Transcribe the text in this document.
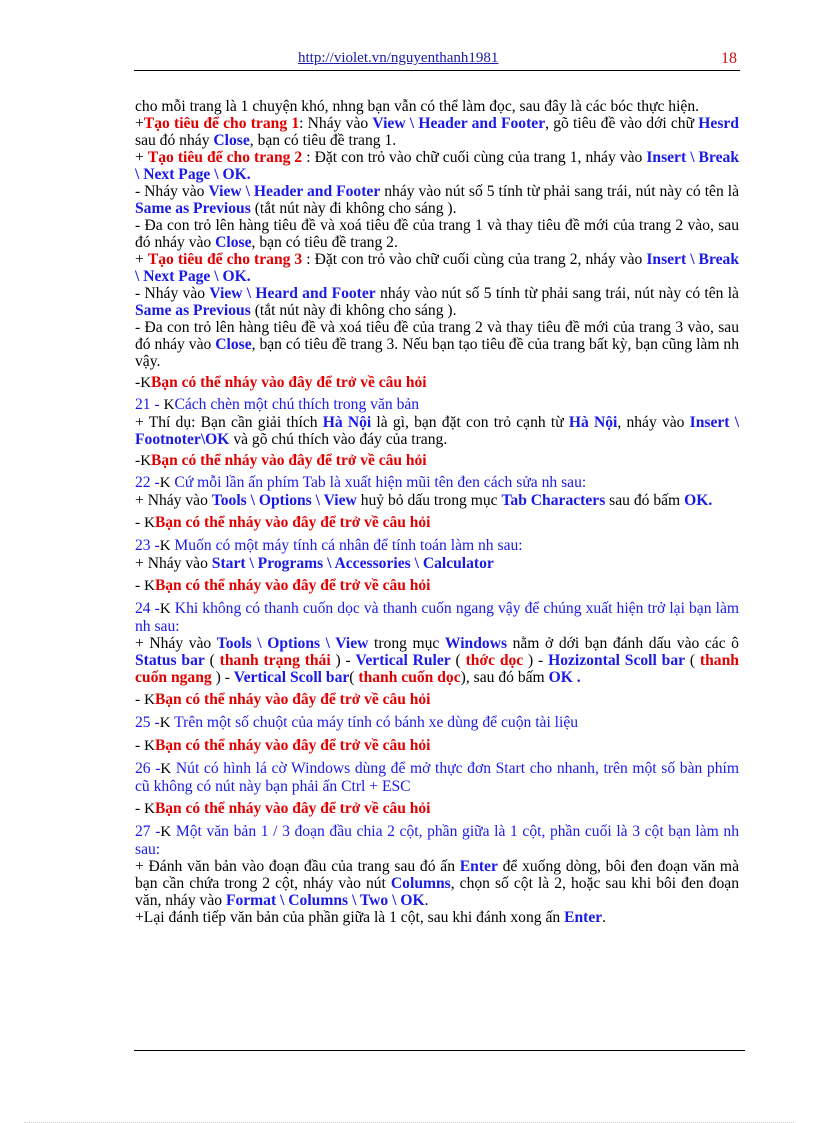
http://violet.vn/nguyenthanh1981	18

cho mỗi trang là 1 chuyện khó, nhng bạn vẫn có thể làm đọc, sau đây là các bóc thực hiện.

+Tạo tiêu để cho trang 1: Nháy vào View \ Header and Footer, gõ tiêu đề vào dới chữ Hesrd sau đó nháy Close, bạn có tiêu đề trang 1.

+ Tạo tiêu để cho trang 2 : Đặt con trỏ vào chữ cuối cùng của trang 1, nháy vào Insert \ Break \ Next Page \ OK.

- Nháy vào View \ Header and Footer nháy vào nút số 5 tính từ phải sang trái, nút này có tên là Same as Previous (tắt nút này đi không cho sáng ).

- Đa con trỏ lên hàng tiêu đề và xoá tiêu đề của trang 1 và thay tiêu đề mới của trang 2 vào, sau đó nháy vào Close, bạn có tiêu đề trang 2.

+ Tạo tiêu để cho trang 3 : Đặt con trỏ vào chữ cuối cùng của trang 2, nháy vào Insert \ Break \ Next Page \ OK.

- Nháy vào View \ Heard and Footer nháy vào nút số 5 tính từ phải sang trái, nút này có tên là Same as Previous (tắt nút này đi không cho sáng ).

- Đa con trỏ lên hàng tiêu đề và xoá tiêu đề của trang 2 và thay tiêu đề mới của trang 3 vào, sau đó nháy vào Close, bạn có tiêu đề trang 3. Nếu bạn tạo tiêu đề của trang bất kỳ, bạn cũng làm nh vậy.

-KBạn có thể nháy vào đây để trở về câu hỏi

21 - KCách chèn một chú thích trong văn bản

+ Thí dụ: Bạn cần giải thích Hà Nội là gì, bạn đặt con trỏ cạnh từ Hà Nội, nháy vào Insert \ Footnoter\OK và gõ chú thích vào đáy của trang.

-KBạn có thể nháy vào đây để trở về câu hỏi

22 -K Cứ mỗi lần ấn phím Tab là xuất hiện mũi tên đen cách sửa nh sau:

+ Nháy vào Tools \ Options \ View huỷ bỏ dấu trong mục Tab Characters sau đó bấm OK.

- KBạn có thể nháy vào đây để trở về câu hỏi

23 -K Muốn có một máy tính cá nhân để tính toán làm nh sau:

+ Nháy vào Start \ Programs \ Accessories \ Calculator

- KBạn có thể nháy vào đây để trở về câu hỏi

24 -K Khi không có thanh cuốn dọc và thanh cuốn ngang vậy để chúng xuất hiện trở lại bạn làm nh sau:

+ Nháy vào Tools \ Options \ View trong mục Windows nằm ở dới bạn đánh dấu vào các ô Status bar ( thanh trạng thái ) - Vertical Ruler ( thớc dọc ) - Hozizontal Scoll bar ( thanh cuốn ngang ) - Vertical Scoll bar( thanh cuốn dọc), sau đó bấm OK .

- KBạn có thể nháy vào đây để trở về câu hỏi

25 -K Trên một số chuột của máy tính có bánh xe dùng để cuộn tài liệu

- KBạn có thể nháy vào đây để trở về câu hỏi

26 -K Nút có hình lá cờ Windows dùng để mở thực đơn Start cho nhanh, trên một số bàn phím cũ không có nút này bạn phải ấn Ctrl + ESC

- KBạn có thể nháy vào đây để trở về câu hỏi

27 -K Một văn bản 1 / 3 đoạn đầu chia 2 cột, phần giữa là 1 cột, phần cuối là 3 cột bạn làm nh sau:

+ Đánh văn bản vào đoạn đầu của trang sau đó ấn Enter để xuống dòng, bôi đen đoạn văn mà bạn cần chứa trong 2 cột, nháy vào nút Columns, chọn số cột là 2, hoặc sau khi bôi đen đoạn văn, nháy vào Format \ Columns \ Two \ OK.

+Lại đánh tiếp văn bản của phần giữa là 1 cột, sau khi đánh xong ấn Enter.
